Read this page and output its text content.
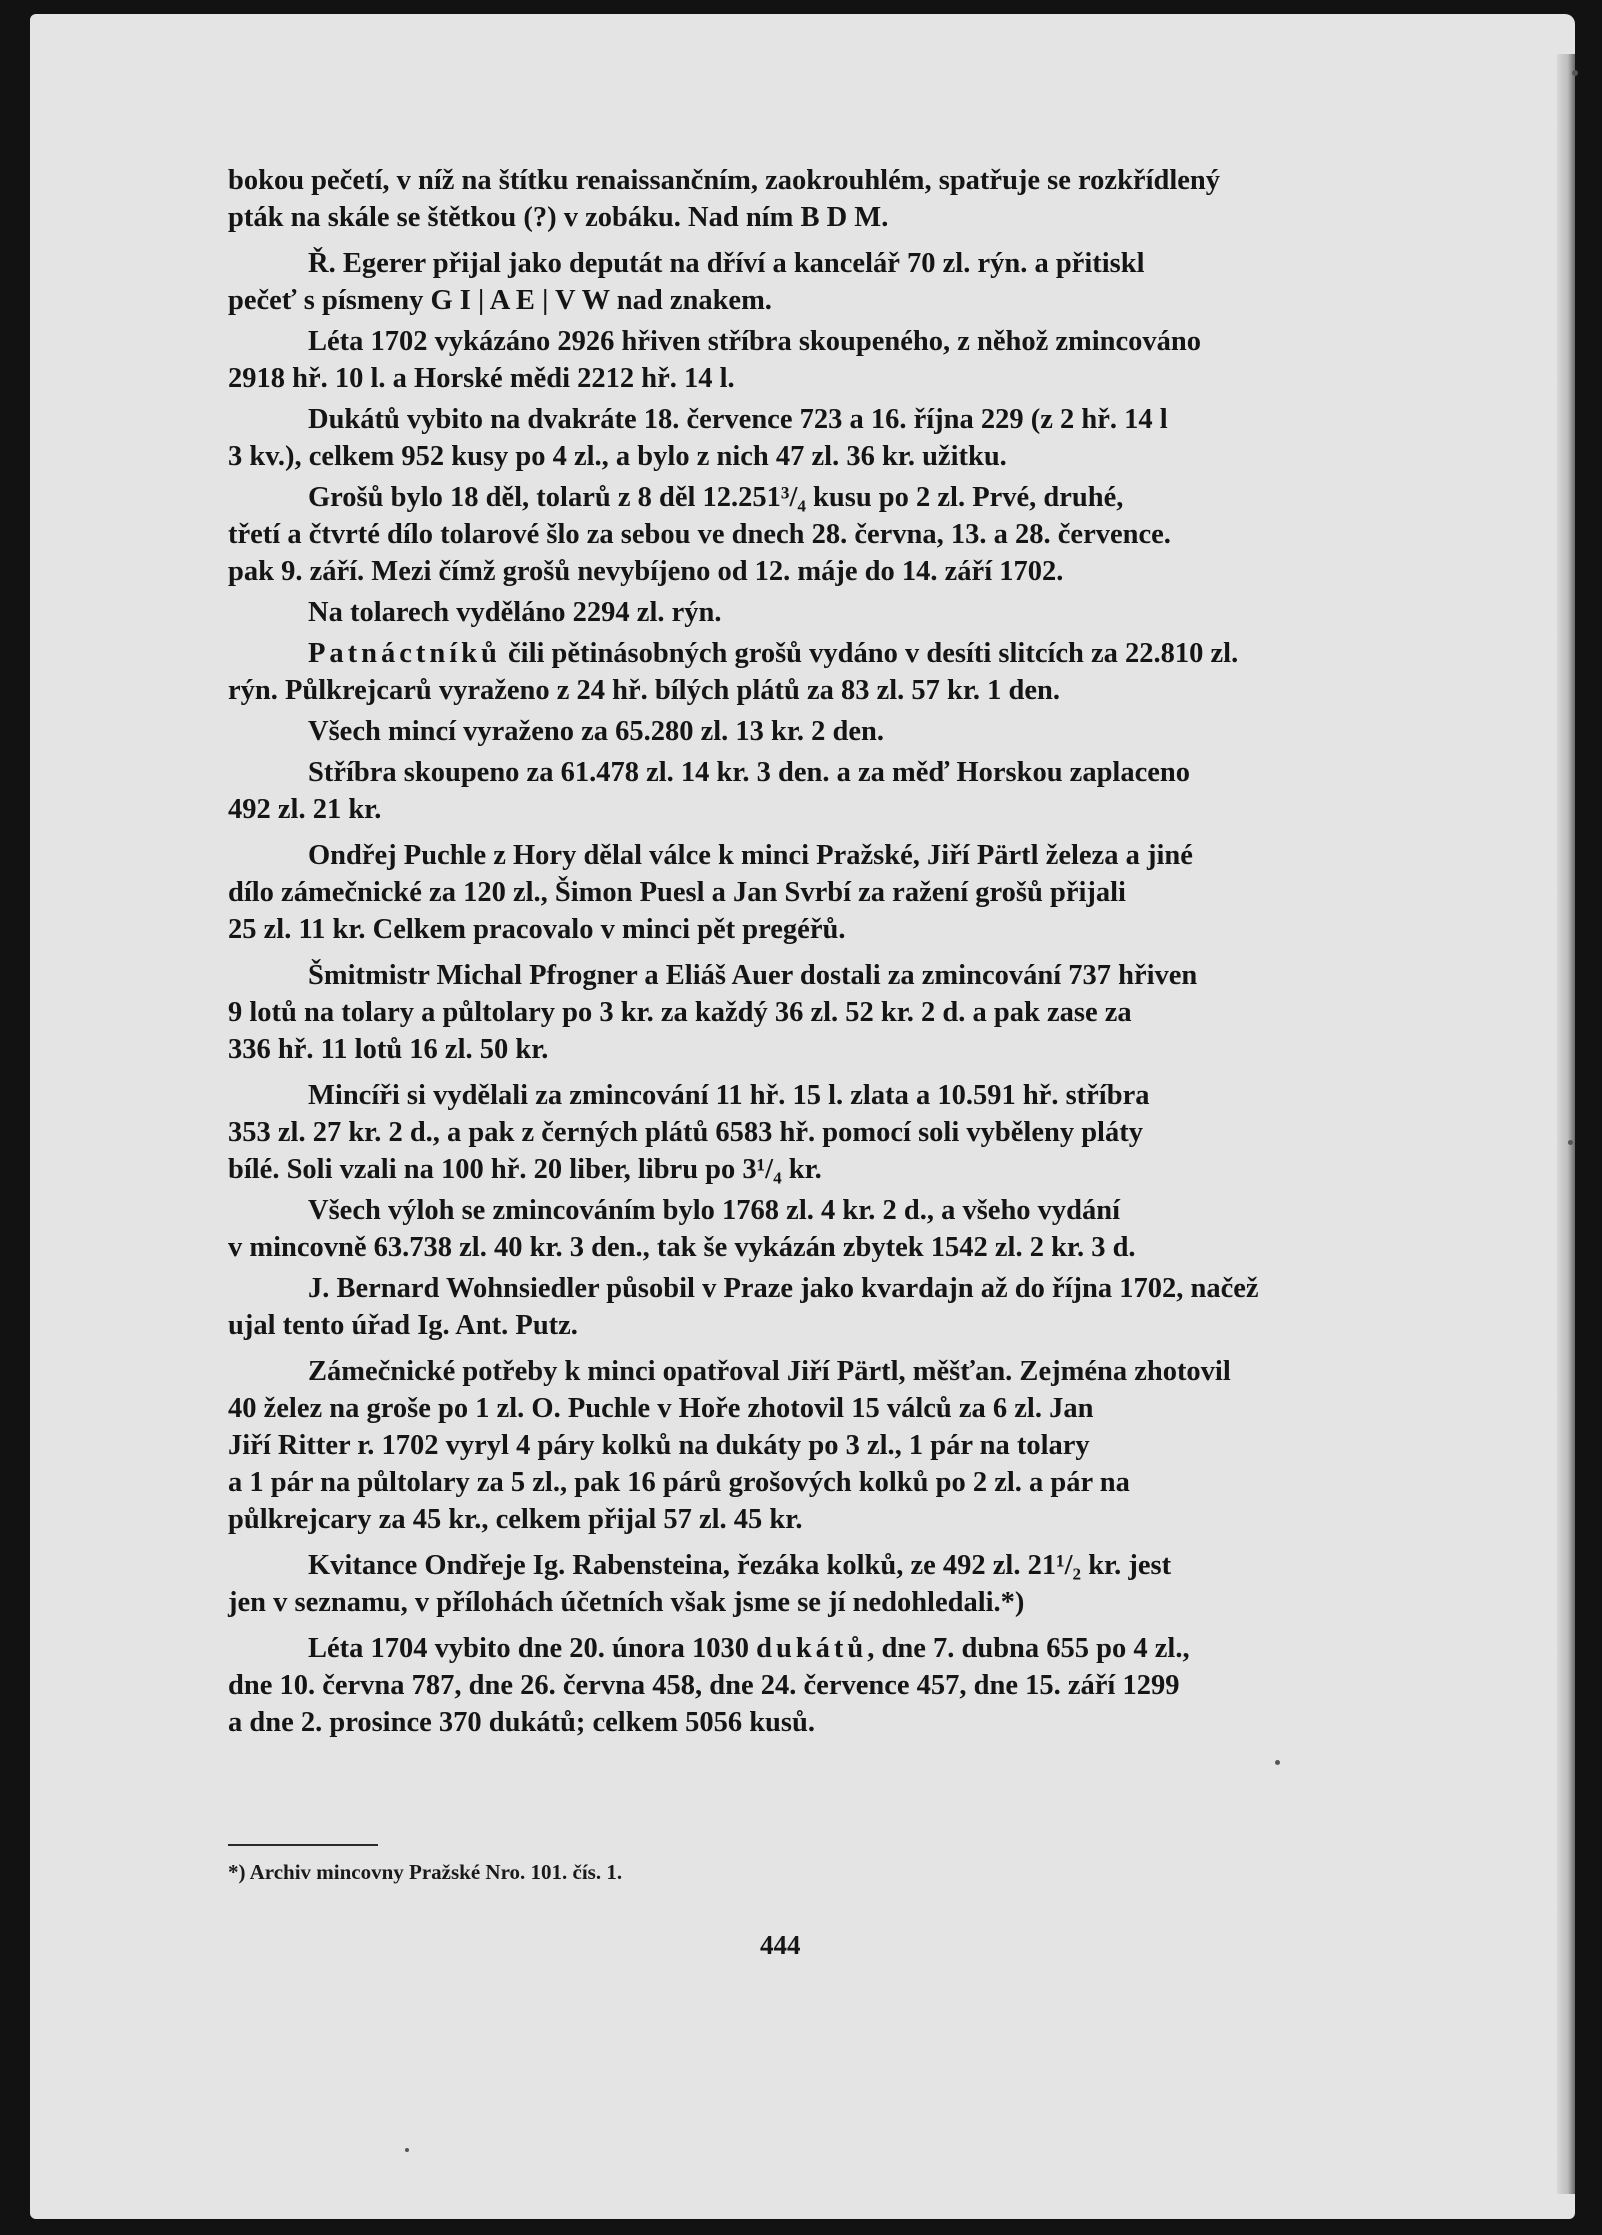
bokou pečetí, v níž na štítku renaissančním, zaokrouhlém, spatřuje se rozkřídlený
pták na skále se štětkou (?) v zobáku. Nad ním B D M.
Ř. Egerer přijal jako deputát na dříví a kancelář 70 zl. rýn. a přitiskl
pečeť s písmeny G I | A E | V W nad znakem.
Léta 1702 vykázáno 2926 hřiven stříbra skoupeného, z něhož zmincováno
2918 hř. 10 l. a Horské mědi 2212 hř. 14 l.
Dukátů vybito na dvakráte 18. července 723 a 16. října 229 (z 2 hř. 14 l
3 kv.), celkem 952 kusy po 4 zl., a bylo z nich 47 zl. 36 kr. užitku.
Grošů bylo 18 děl, tolarů z 8 děl 12.251³/₄ kusu po 2 zl. Prvé, druhé,
třetí a čtvrté dílo tolarové šlo za sebou ve dnech 28. června, 13. a 28. července.
pak 9. září. Mezi čímž grošů nevybíjeno od 12. máje do 14. září 1702.
Na tolarech vyděláno 2294 zl. rýn.
Patnáctníků čili pětinásobných grošů vydáno v desíti slitcích za 22.810 zl.
rýn. Půlkrejcarů vyraženo z 24 hř. bílých plátů za 83 zl. 57 kr. 1 den.
Všech mincí vyraženo za 65.280 zl. 13 kr. 2 den.
Stříbra skoupeno za 61.478 zl. 14 kr. 3 den. a za měď Horskou zaplaceno
492 zl. 21 kr.
Ondřej Puchle z Hory dělal válce k minci Pražské, Jiří Pärtl železa a jiné
dílo zámečnické za 120 zl., Šimon Puesl a Jan Svrbí za ražení grošů přijali
25 zl. 11 kr. Celkem pracovalo v minci pět pregéřů.
Šmitmistr Michal Pfrogner a Eliáš Auer dostali za zmincování 737 hřiven
9 lotů na tolary a půltolary po 3 kr. za každý 36 zl. 52 kr. 2 d. a pak zase za
336 hř. 11 lotů 16 zl. 50 kr.
Mincíři si vydělali za zmincování 11 hř. 15 l. zlata a 10.591 hř. stříbra
353 zl. 27 kr. 2 d., a pak z černých plátů 6583 hř. pomocí soli vyběleny pláty
bílé. Soli vzali na 100 hř. 20 liber, libru po 3¹/₄ kr.
Všech výloh se zmincováním bylo 1768 zl. 4 kr. 2 d., a všeho vydání
v mincovně 63.738 zl. 40 kr. 3 den., tak še vykázán zbytek 1542 zl. 2 kr. 3 d.
J. Bernard Wohnsiedler působil v Praze jako kvardajn až do října 1702, načež
ujal tento úřad Ig. Ant. Putz.
Zámečnické potřeby k minci opatřoval Jiří Pärtl, měšťan. Zejména zhotovil
40 želez na groše po 1 zl. O. Puchle v Hoře zhotovil 15 válců za 6 zl. Jan
Jiří Ritter r. 1702 vyryl 4 páry kolků na dukáty po 3 zl., 1 pár na tolary
a 1 pár na půltolary za 5 zl., pak 16 párů grošových kolků po 2 zl. a pár na
půlkrejcary za 45 kr., celkem přijal 57 zl. 45 kr.
Kvitance Ondřeje Ig. Rabensteina, řezáka kolků, ze 492 zl. 21¹/₂ kr. jest
jen v seznamu, v přílohách účetních však jsme se jí nedohledali.*)
Léta 1704 vybito dne 20. února 1030 dukátů, dne 7. dubna 655 po 4 zl.,
dne 10. června 787, dne 26. června 458, dne 24. července 457, dne 15. září 1299
a dne 2. prosince 370 dukátů; celkem 5056 kusů.
*) Archiv mincovny Pražské Nro. 101. čís. 1.
444
